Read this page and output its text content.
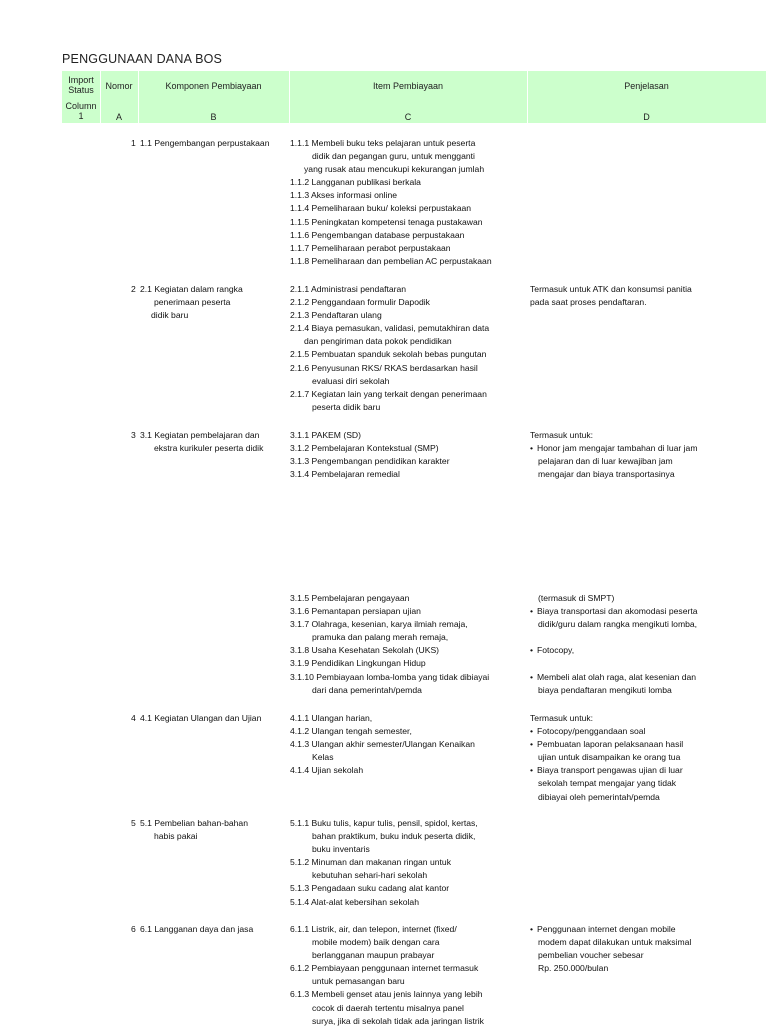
PENGGUNAAN DANA BOS
Import Status
Column 1
Nomor
A
Komponen Pembiayaan
B
Item Pembiayaan
C
Penjelasan
D
1 1.1 Pengembangan perpustakaan 1.1.1 Membeli buku teks pelajaran untuk peserta
didik dan pegangan guru, untuk mengganti
yang rusak atau mencukupi kekurangan jumlah
1.1.2 Langganan publikasi berkala
1.1.3 Akses informasi online
1.1.4 Pemeliharaan buku/ koleksi perpustakaan
1.1.5 Peningkatan kompetensi tenaga pustakawan
1.1.6 Pengembangan database perpustakaan
1.1.7 Pemeliharaan perabot perpustakaan
1.1.8 Pemeliharaan dan pembelian AC perpustakaan
2 2.1 Kegiatan dalam rangka
penerimaan peserta
didik baru
2.1.1 Administrasi pendaftaran
2.1.2 Penggandaan formulir Dapodik
2.1.3 Pendaftaran ulang
2.1.4 Biaya pemasukan, validasi, pemutakhiran data
dan pengiriman data pokok pendidikan
2.1.5 Pembuatan spanduk sekolah bebas pungutan
2.1.6 Penyusunan RKS/ RKAS berdasarkan hasil
evaluasi diri sekolah
2.1.7 Kegiatan lain yang terkait dengan penerimaan
peserta didik baru
Termasuk untuk ATK dan konsumsi panitia
pada saat proses pendaftaran.
3 3.1 Kegiatan pembelajaran dan
ekstra kurikuler peserta didik
3.1.1 PAKEM (SD)
3.1.2 Pembelajaran Kontekstual (SMP)
3.1.3 Pengembangan pendidikan karakter
3.1.4 Pembelajaran remedial
Termasuk untuk:
• Honor jam mengajar tambahan di luar jam
pelajaran dan di luar kewajiban jam
mengajar dan biaya transportasinya
3.1.5 Pembelajaran pengayaan
3.1.6 Pemantapan persiapan ujian
3.1.7 Olahraga, kesenian, karya ilmiah remaja,
pramuka dan palang merah remaja,
3.1.8 Usaha Kesehatan Sekolah (UKS)
3.1.9 Pendidikan Lingkungan Hidup
3.1.10 Pembiayaan lomba-lomba yang tidak dibiayai
dari dana pemerintah/pemda
(termasuk di SMPT)
• Biaya transportasi dan akomodasi peserta
didik/guru dalam rangka mengikuti lomba,

• Fotocopy,

• Membeli alat olah raga, alat kesenian dan
biaya pendaftaran mengikuti lomba
4 4.1 Kegiatan Ulangan dan Ujian	4.1.1 Ulangan harian,
4.1.2 Ulangan tengah semester,
4.1.3 Ulangan akhir semester/Ulangan Kenaikan
Kelas
4.1.4 Ujian sekolah
Termasuk untuk:
• Fotocopy/penggandaan soal
• Pembuatan laporan pelaksanaan hasil
ujian untuk disampaikan ke orang tua
• Biaya transport pengawas ujian di luar
sekolah tempat mengajar yang tidak
dibiayai oleh pemerintah/pemda
5 5.1 Pembelian bahan-bahan
habis pakai
5.1.1 Buku tulis, kapur tulis, pensil, spidol, kertas,
bahan praktikum, buku induk peserta didik,
buku inventaris
5.1.2 Minuman dan makanan ringan untuk
kebutuhan sehari-hari sekolah
5.1.3 Pengadaan suku cadang alat kantor
5.1.4 Alat-alat kebersihan sekolah
6 6.1 Langganan daya dan jasa	6.1.1 Listrik, air, dan telepon, internet (fixed/
mobile modem) baik dengan cara
berlangganan maupun prabayar
6.1.2 Pembiayaan penggunaan internet termasuk
untuk pemasangan baru
6.1.3 Membeli genset atau jenis lainnya yang lebih
cocok di daerah tertentu misalnya panel
surya, jika di sekolah tidak ada jaringan listrik
• Penggunaan internet dengan mobile
modem dapat dilakukan untuk maksimal
pembelian voucher sebesar
Rp. 250.000/bulan
